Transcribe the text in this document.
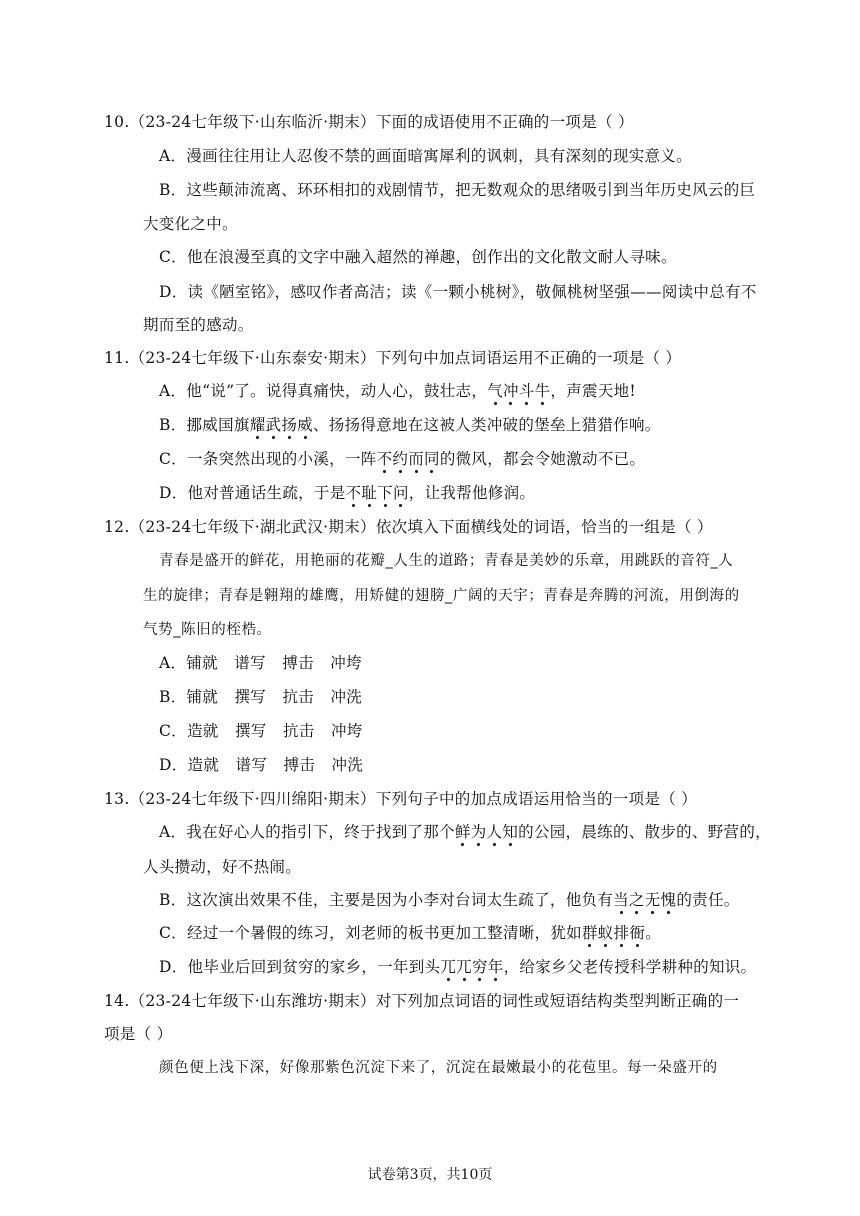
10.（23-24七年级下·山东临沂·期末）下面的成语使用不正确的一项是（ ）
A．漫画往往用让人忍俊不禁的画面暗寓犀利的讽刺，具有深刻的现实意义。
B．这些颠沛流离、环环相扣的戏剧情节，把无数观众的思绪吸引到当年历史风云的巨
大变化之中。
C．他在浪漫至真的文字中融入超然的禅趣，创作出的文化散文耐人寻味。
D．读《陋室铭》，感叹作者高洁；读《一颗小桃树》，敬佩桃树坚强——阅读中总有不
期而至的感动。
11.（23-24七年级下·山东泰安·期末）下列句中加点词语运用不正确的一项是（ ）
A．他“说”了。说得真痛快，动人心，鼓壮志，气冲斗牛，声震天地!
B．挪威国旗耀武扬威、扬扬得意地在这被人类冲破的堡垒上猎猎作响。
C．一条突然出现的小溪，一阵不约而同的微风，都会令她激动不已。
D．他对普通话生疏，于是不耻下问，让我帮他修润。
12.（23-24七年级下·湖北武汉·期末）依次填入下面横线处的词语，恰当的一组是（ ）
青春是盛开的鲜花，用艳丽的花瓣_人生的道路；青春是美妙的乐章，用跳跃的音符_人
生的旋律；青春是翱翔的雄鹰，用矫健的翅膀_广阔的天宇；青春是奔腾的河流，用倒海的
气势_陈旧的桎梏。
A．铺就 谱写 搏击 冲垮
B．铺就 撰写 抗击 冲洗
C．造就 撰写 抗击 冲垮
D．造就 谱写 搏击 冲洗
13.（23-24七年级下·四川绵阳·期末）下列句子中的加点成语运用恰当的一项是（ ）
A．我在好心人的指引下，终于找到了那个鲜为人知的公园，晨练的、散步的、野营的，
人头攒动，好不热闹。
B．这次演出效果不佳，主要是因为小李对台词太生疏了，他负有当之无愧的责任。
C．经过一个暑假的练习，刘老师的板书更加工整清晰，犹如群蚁排衙。
D．他毕业后回到贫穷的家乡，一年到头兀兀穷年，给家乡父老传授科学耕种的知识。
14.（23-24七年级下·山东潍坊·期末）对下列加点词语的词性或短语结构类型判断正确的一
项是（ ）
颜色便上浅下深，好像那紫色沉淀下来了，沉淀在最嫩最小的花苞里。每一朵盛开的
试卷第3页，共10页
